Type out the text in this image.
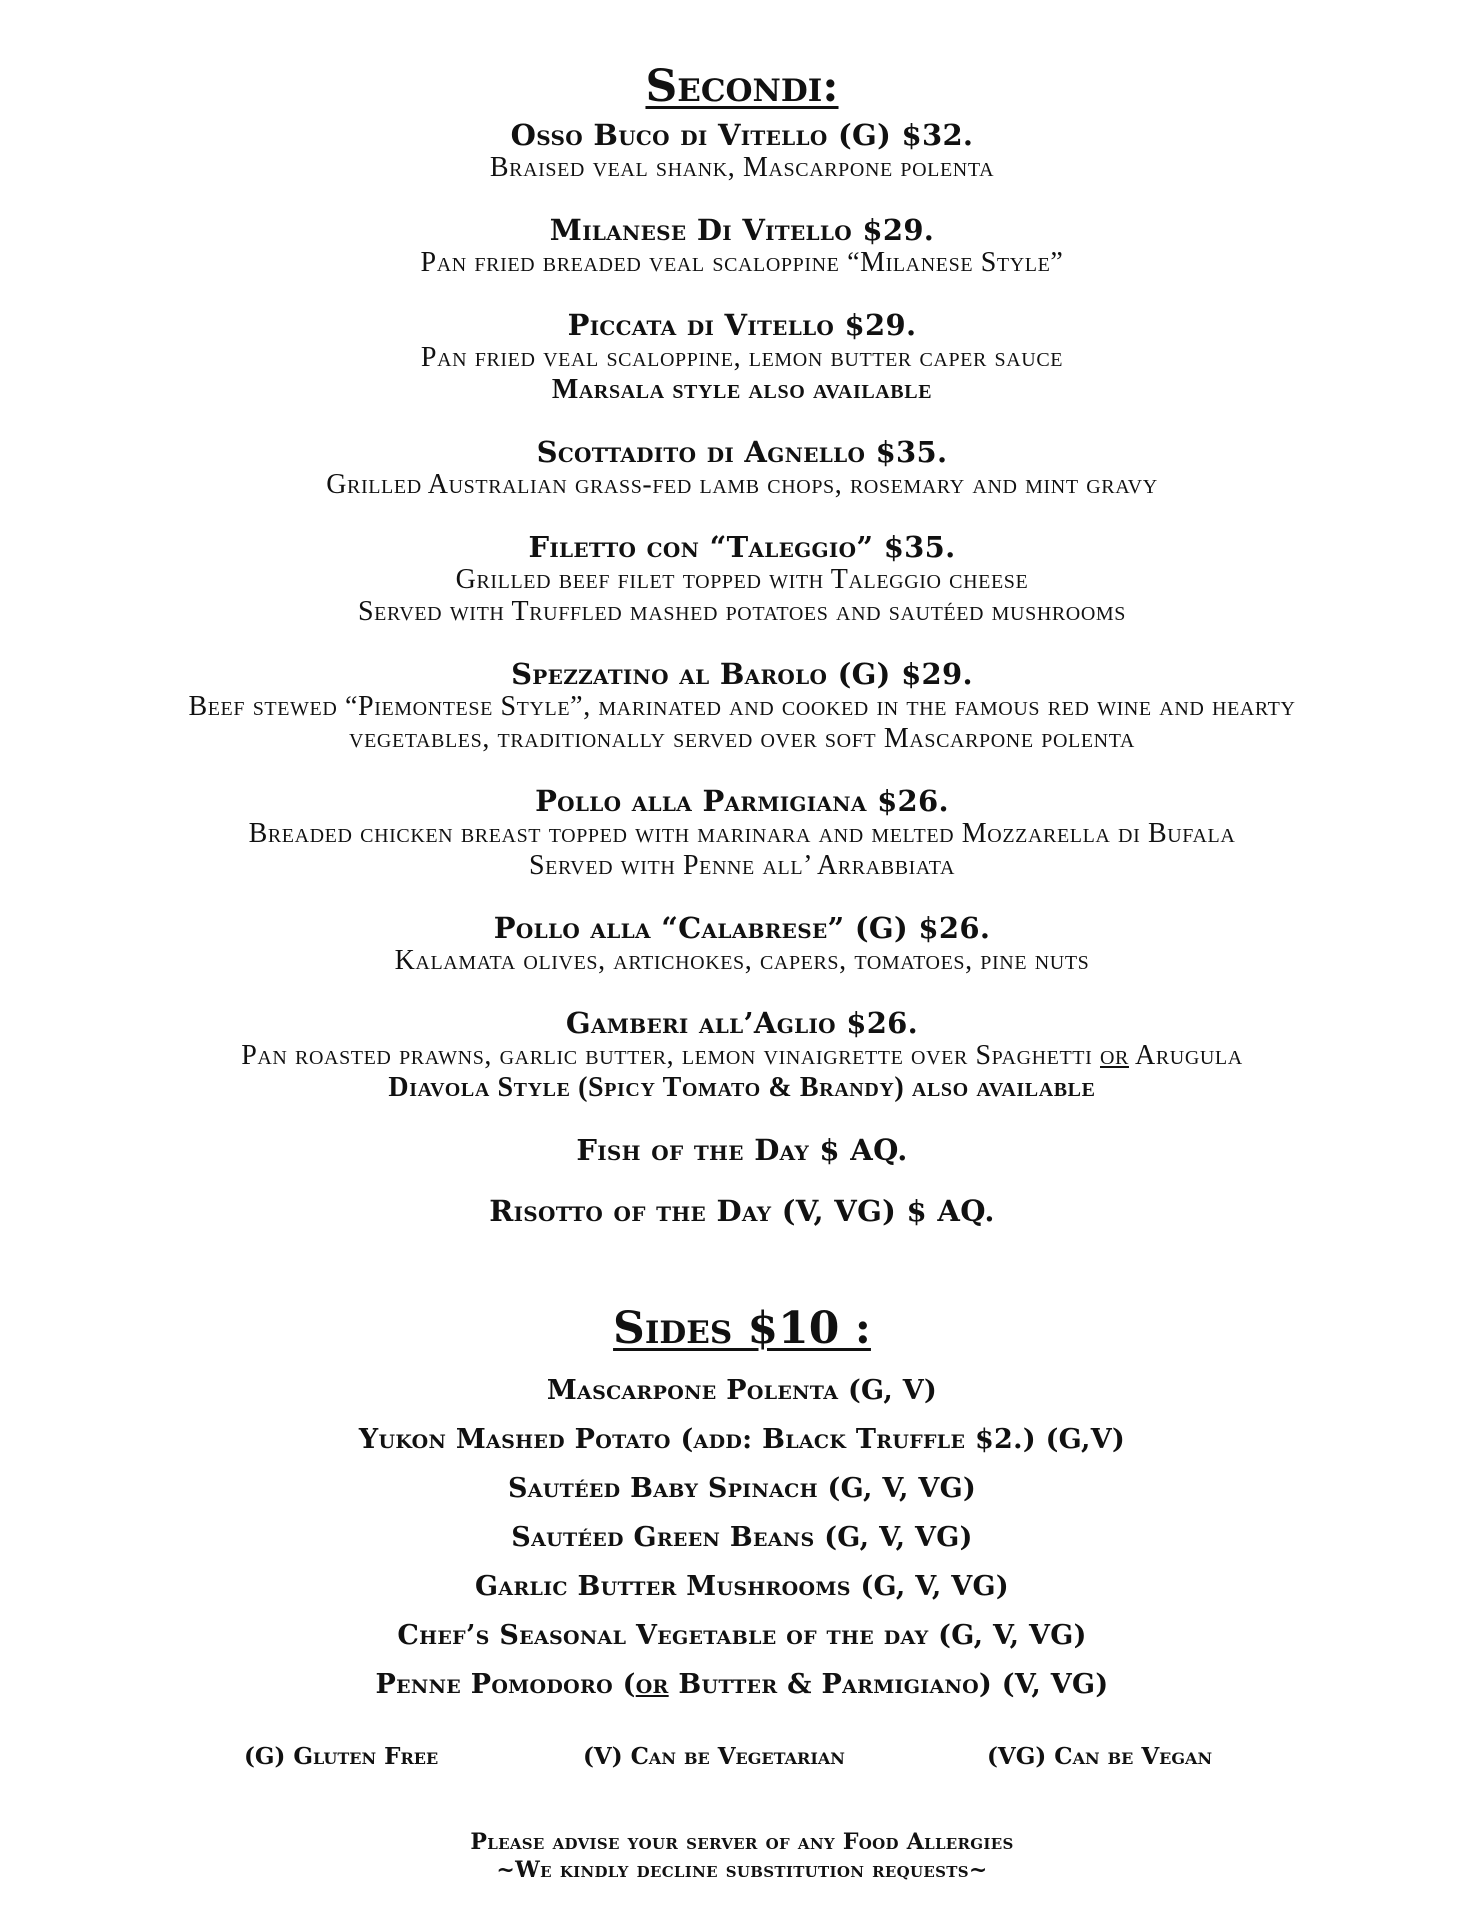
Secondi:
Osso Buco di Vitello (G) $32.
Braised veal shank, Mascarpone polenta
Milanese Di Vitello $29.
Pan fried breaded veal scaloppine “Milanese Style”
Piccata di Vitello $29.
Pan fried veal scaloppine, lemon butter caper sauce
Marsala style also available
Scottadito di Agnello $35.
Grilled Australian grass-fed lamb chops, rosemary and mint gravy
Filetto con “Taleggio” $35.
Grilled beef filet topped with Taleggio cheese
Served with Truffled mashed potatoes and sautéed mushrooms
Spezzatino al Barolo (G) $29.
Beef stewed “Piemontese Style”, marinated and cooked in the famous red wine and hearty
vegetables, traditionally served over soft Mascarpone polenta
Pollo alla Parmigiana $26.
Breaded chicken breast topped with marinara and melted Mozzarella di Bufala
Served with Penne all’ Arrabbiata
Pollo alla “Calabrese” (G) $26.
Kalamata olives, artichokes, capers, tomatoes, pine nuts
Gamberi all’Aglio $26.
Pan roasted prawns, garlic butter, lemon vinaigrette over Spaghetti or Arugula
Diavola Style (Spicy Tomato & Brandy) also available
Fish of the Day $ AQ.
Risotto of the Day (V, VG) $ AQ.
Sides $10 :
Mascarpone Polenta (G, V)
Yukon Mashed Potato (add: Black Truffle $2.) (G,V)
Sautéed Baby Spinach (G, V, VG)
Sautéed Green Beans (G, V, VG)
Garlic Butter Mushrooms (G, V, VG)
Chef’s Seasonal Vegetable of the day (G, V, VG)
Penne Pomodoro (or Butter & Parmigiano) (V, VG)
(G) Gluten Free	(V) Can be Vegetarian	(VG) Can be Vegan
Please advise your server of any Food Allergies
~We kindly decline substitution requests~
